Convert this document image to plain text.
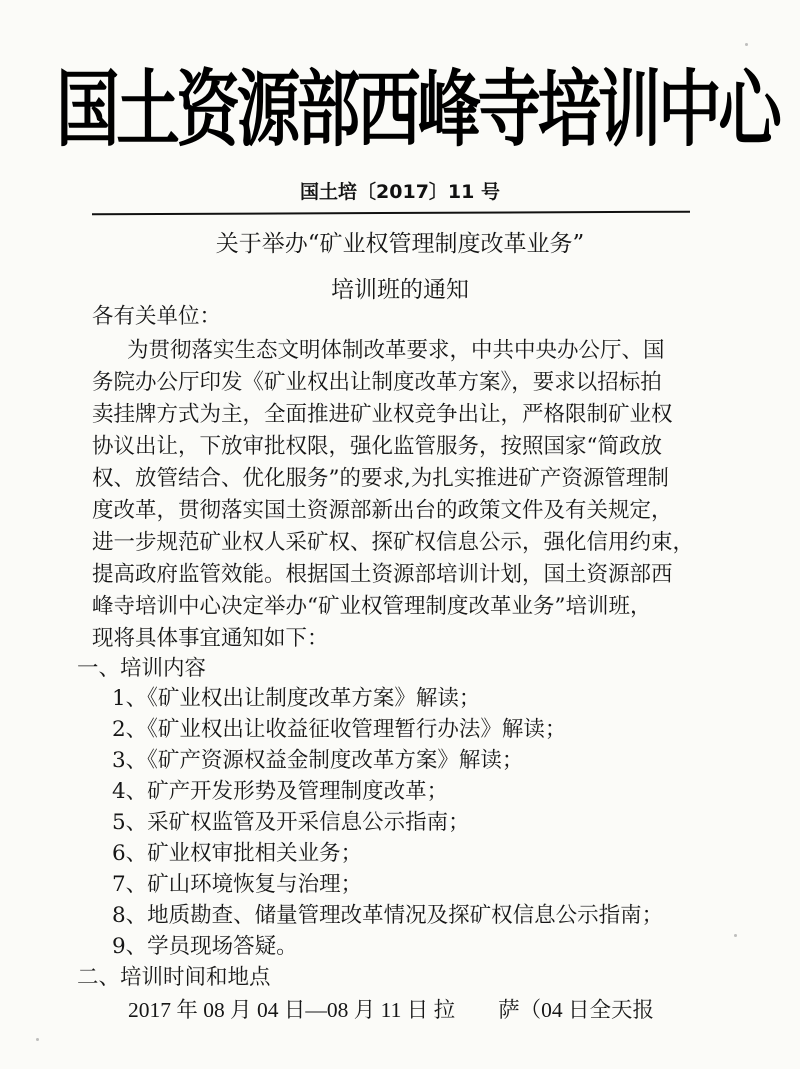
国土资源部西峰寺培训中心
国土培〔2017〕11 号
关于举办“矿业权管理制度改革业务”
培训班的通知
各有关单位：
为贯彻落实生态文明体制改革要求，中共中央办公厅、国
务院办公厅印发《矿业权出让制度改革方案》，要求以招标拍
卖挂牌方式为主，全面推进矿业权竞争出让，严格限制矿业权
协议出让，下放审批权限，强化监管服务，按照国家“简政放
权、放管结合、优化服务”的要求,为扎实推进矿产资源管理制
度改革，贯彻落实国土资源部新出台的政策文件及有关规定，
进一步规范矿业权人采矿权、探矿权信息公示，强化信用约束，
提高政府监管效能。根据国土资源部培训计划，国土资源部西
峰寺培训中心决定举办“矿业权管理制度改革业务”培训班，
现将具体事宜通知如下：
一、培训内容
1、《矿业权出让制度改革方案》解读；
2、《矿业权出让收益征收管理暂行办法》解读；
3、《矿产资源权益金制度改革方案》解读；
4、矿产开发形势及管理制度改革；
5、采矿权监管及开采信息公示指南；
6、矿业权审批相关业务；
7、矿山环境恢复与治理；
8、地质勘查、储量管理改革情况及探矿权信息公示指南；
9、学员现场答疑。
二、培训时间和地点
2017 年 08 月 04 日—08 月 11 日 拉　　萨（04 日全天报
